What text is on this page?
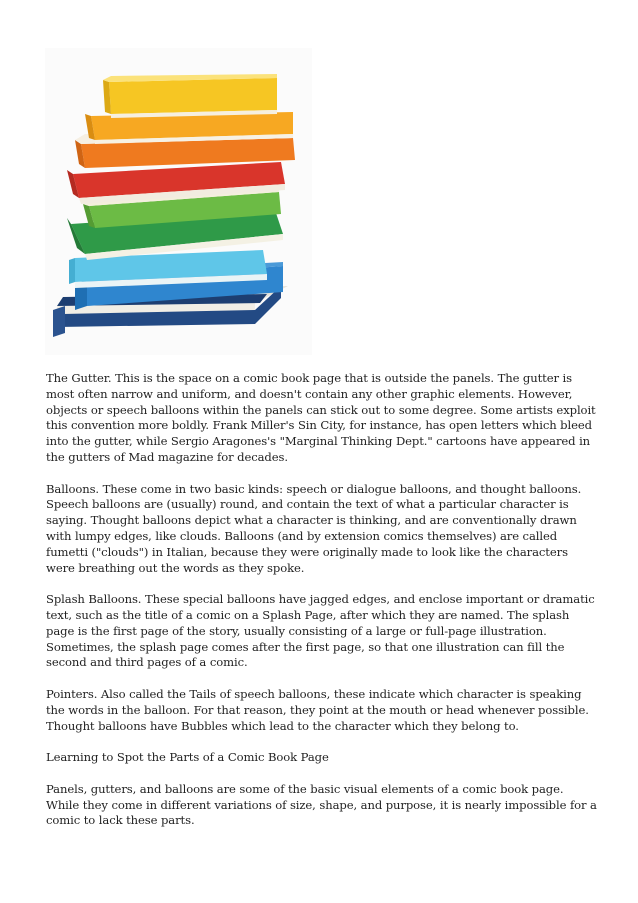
The Gutter. This is the space on a comic book page that is outside the panels. The gutter is most often narrow and uniform, and doesn't contain any other graphic elements. However, objects or speech balloons within the panels can stick out to some degree. Some artists exploit this convention more boldly. Frank Miller's Sin City, for instance, has open letters which bleed into the gutter, while Sergio Aragones's "Marginal Thinking Dept." cartoons have appeared in the gutters of Mad magazine for decades.

Balloons. These come in two basic kinds: speech or dialogue balloons, and thought balloons. Speech balloons are (usually) round, and contain the text of what a particular character is saying. Thought balloons depict what a character is thinking, and are conventionally drawn with lumpy edges, like clouds. Balloons (and by extension comics themselves) are called fumetti ("clouds") in Italian, because they were originally made to look like the characters were breathing out the words as they spoke.

Splash Balloons. These special balloons have jagged edges, and enclose important or dramatic text, such as the title of a comic on a Splash Page, after which they are named. The splash page is the first page of the story, usually consisting of a large or full-page illustration. Sometimes, the splash page comes after the first page, so that one illustration can fill the second and third pages of a comic.

Pointers. Also called the Tails of speech balloons, these indicate which character is speaking the words in the balloon. For that reason, they point at the mouth or head whenever possible. Thought balloons have Bubbles which lead to the character which they belong to.

Learning to Spot the Parts of a Comic Book Page

Panels, gutters, and balloons are some of the basic visual elements of a comic book page. While they come in different variations of size, shape, and purpose, it is nearly impossible for a comic to lack these parts.
